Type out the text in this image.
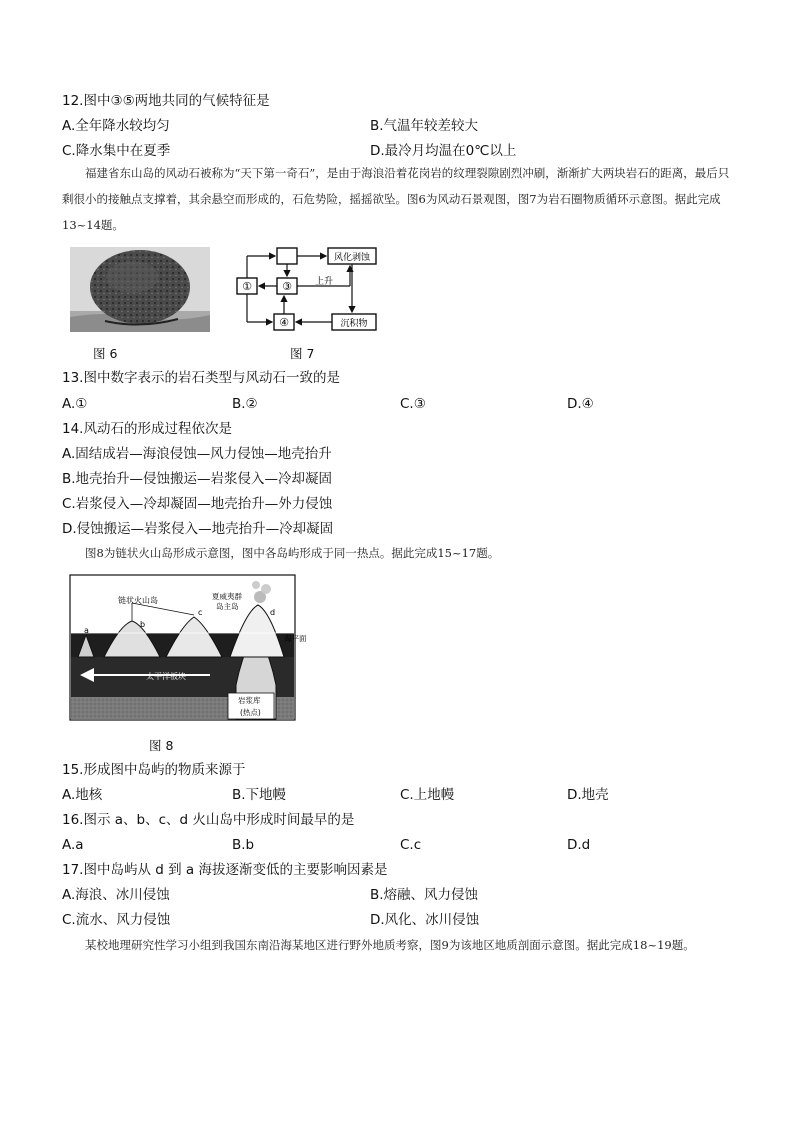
12.图中③⑤两地共同的气候特征是
A.全年降水较均匀	B.气温年较差较大
C.降水集中在夏季	D.最冷月均温在0℃以上
福建省东山岛的风动石被称为“天下第一奇石”，是由于海浪沿着花岗岩的纹理裂隙剧烈冲刷，渐渐扩大两块岩石的距离，最后只剩很小的接触点支撑着，其余悬空而形成的，石危势险，摇摇欲坠。图6为风动石景观图，图7为岩石圈物质循环示意图。据此完成13~14题。
图 6
①	③
④
风化剥蚀
沉积物
上升
图 7
13.图中数字表示的岩石类型与风动石一致的是
A.①	B.②	C.③	D.④
14.风动石的形成过程依次是
A.固结成岩—海浪侵蚀—风力侵蚀—地壳抬升
B.地壳抬升—侵蚀搬运—岩浆侵入—冷却凝固
C.岩浆侵入—冷却凝固—地壳抬升—外力侵蚀
D.侵蚀搬运—岩浆侵入—地壳抬升—冷却凝固
图8为链状火山岛形成示意图，图中各岛屿形成于同一热点。据此完成15~17题。
链状火山岛	夏威夷群
岛主岛
海平面
太平洋板块
岩浆库
(热点)
a
b
c	d
图 8
15.形成图中岛屿的物质来源于
A.地核	B.下地幔	C.上地幔	D.地壳
16.图示 a、b、c、d 火山岛中形成时间最早的是
A.a	B.b	C.c	D.d
17.图中岛屿从 d 到 a 海拔逐渐变低的主要影响因素是
A.海浪、冰川侵蚀	B.熔融、风力侵蚀
C.流水、风力侵蚀	D.风化、冰川侵蚀
某校地理研究性学习小组到我国东南沿海某地区进行野外地质考察，图9为该地区地质剖面示意图。据此完成18~19题。
